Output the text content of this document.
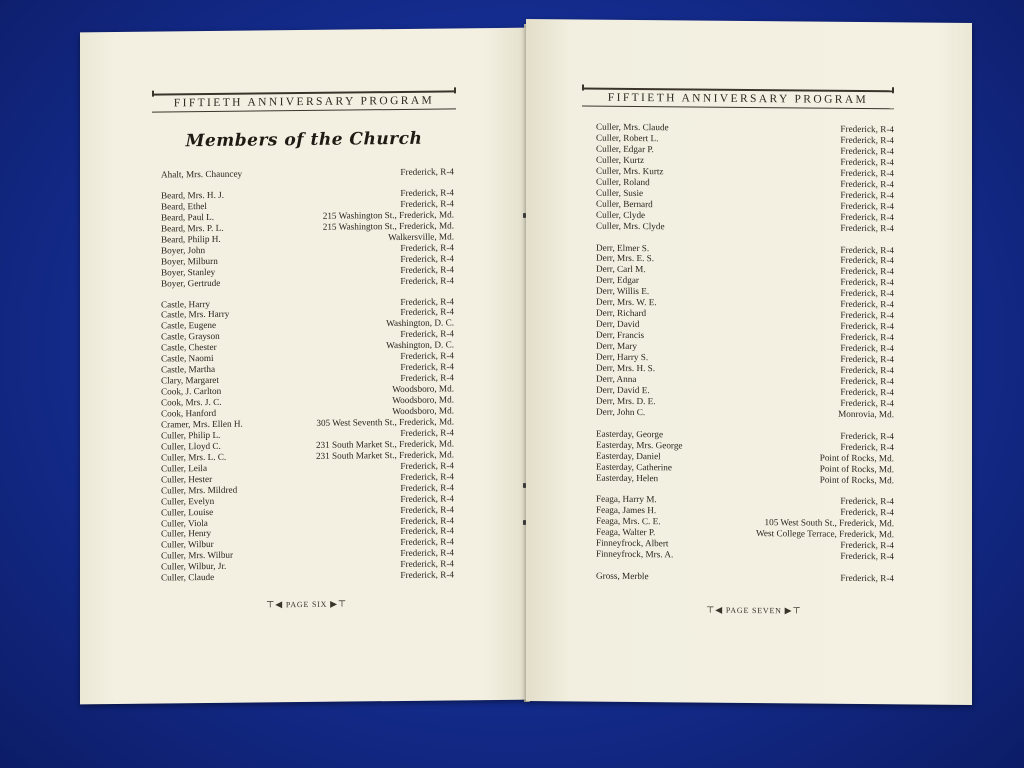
FIFTIETH ANNIVERSARY PROGRAM
Members of the Church
Ahalt, Mrs. Chauncey	Frederick, R-4
Beard, Mrs. H. J.	Frederick, R-4
Beard, Ethel	Frederick, R-4
Beard, Paul L.	215 Washington St., Frederick, Md.
Beard, Mrs. P. L.	215 Washington St., Frederick, Md.
Beard, Philip H.	Walkersville, Md.
Boyer, John	Frederick, R-4
Boyer, Milburn	Frederick, R-4
Boyer, Stanley	Frederick, R-4
Boyer, Gertrude	Frederick, R-4
Castle, Harry	Frederick, R-4
Castle, Mrs. Harry	Frederick, R-4
Castle, Eugene	Washington, D. C.
Castle, Grayson	Frederick, R-4
Castle, Chester	Washington, D. C.
Castle, Naomi	Frederick, R-4
Castle, Martha	Frederick, R-4
Clary, Margaret	Frederick, R-4
Cook, J. Carlton	Woodsboro, Md.
Cook, Mrs. J. C.	Woodsboro, Md.
Cook, Hanford	Woodsboro, Md.
Cramer, Mrs. Ellen H.	305 West Seventh St., Frederick, Md.
Culler, Philip L.	Frederick, R-4
Culler, Lloyd C.	231 South Market St., Frederick, Md.
Culler, Mrs. L. C.	231 South Market St., Frederick, Md.
Culler, Leila	Frederick, R-4
Culler, Hester	Frederick, R-4
Culler, Mrs. Mildred	Frederick, R-4
Culler, Evelyn	Frederick, R-4
Culler, Louise	Frederick, R-4
Culler, Viola	Frederick, R-4
Culler, Henry	Frederick, R-4
Culler, Wilbur	Frederick, R-4
Culler, Mrs. Wilbur	Frederick, R-4
Culler, Wilbur, Jr.	Frederick, R-4
Culler, Claude	Frederick, R-4
⊤◀ PAGE SIX ▶⊤
FIFTIETH ANNIVERSARY PROGRAM
Culler, Mrs. Claude	Frederick, R-4
Culler, Robert L.	Frederick, R-4
Culler, Edgar P.	Frederick, R-4
Culler, Kurtz	Frederick, R-4
Culler, Mrs. Kurtz	Frederick, R-4
Culler, Roland	Frederick, R-4
Culler, Susie	Frederick, R-4
Culler, Bernard	Frederick, R-4
Culler, Clyde	Frederick, R-4
Culler, Mrs. Clyde	Frederick, R-4
Derr, Elmer S.	Frederick, R-4
Derr, Mrs. E. S.	Frederick, R-4
Derr, Carl M.	Frederick, R-4
Derr, Edgar	Frederick, R-4
Derr, Willis E.	Frederick, R-4
Derr, Mrs. W. E.	Frederick, R-4
Derr, Richard	Frederick, R-4
Derr, David	Frederick, R-4
Derr, Francis	Frederick, R-4
Derr, Mary	Frederick, R-4
Derr, Harry S.	Frederick, R-4
Derr, Mrs. H. S.	Frederick, R-4
Derr, Anna	Frederick, R-4
Derr, David E.	Frederick, R-4
Derr, Mrs. D. E.	Frederick, R-4
Derr, John C.	Monrovia, Md.
Easterday, George	Frederick, R-4
Easterday, Mrs. George	Frederick, R-4
Easterday, Daniel	Point of Rocks, Md.
Easterday, Catherine	Point of Rocks, Md.
Easterday, Helen	Point of Rocks, Md.
Feaga, Harry M.	Frederick, R-4
Feaga, James H.	Frederick, R-4
Feaga, Mrs. C. E.	105 West South St., Frederick, Md.
Feaga, Walter P.	West College Terrace, Frederick, Md.
Finneyfrock, Albert	Frederick, R-4
Finneyfrock, Mrs. A.	Frederick, R-4
Gross, Merble	Frederick, R-4
⊤◀ PAGE SEVEN ▶⊤
